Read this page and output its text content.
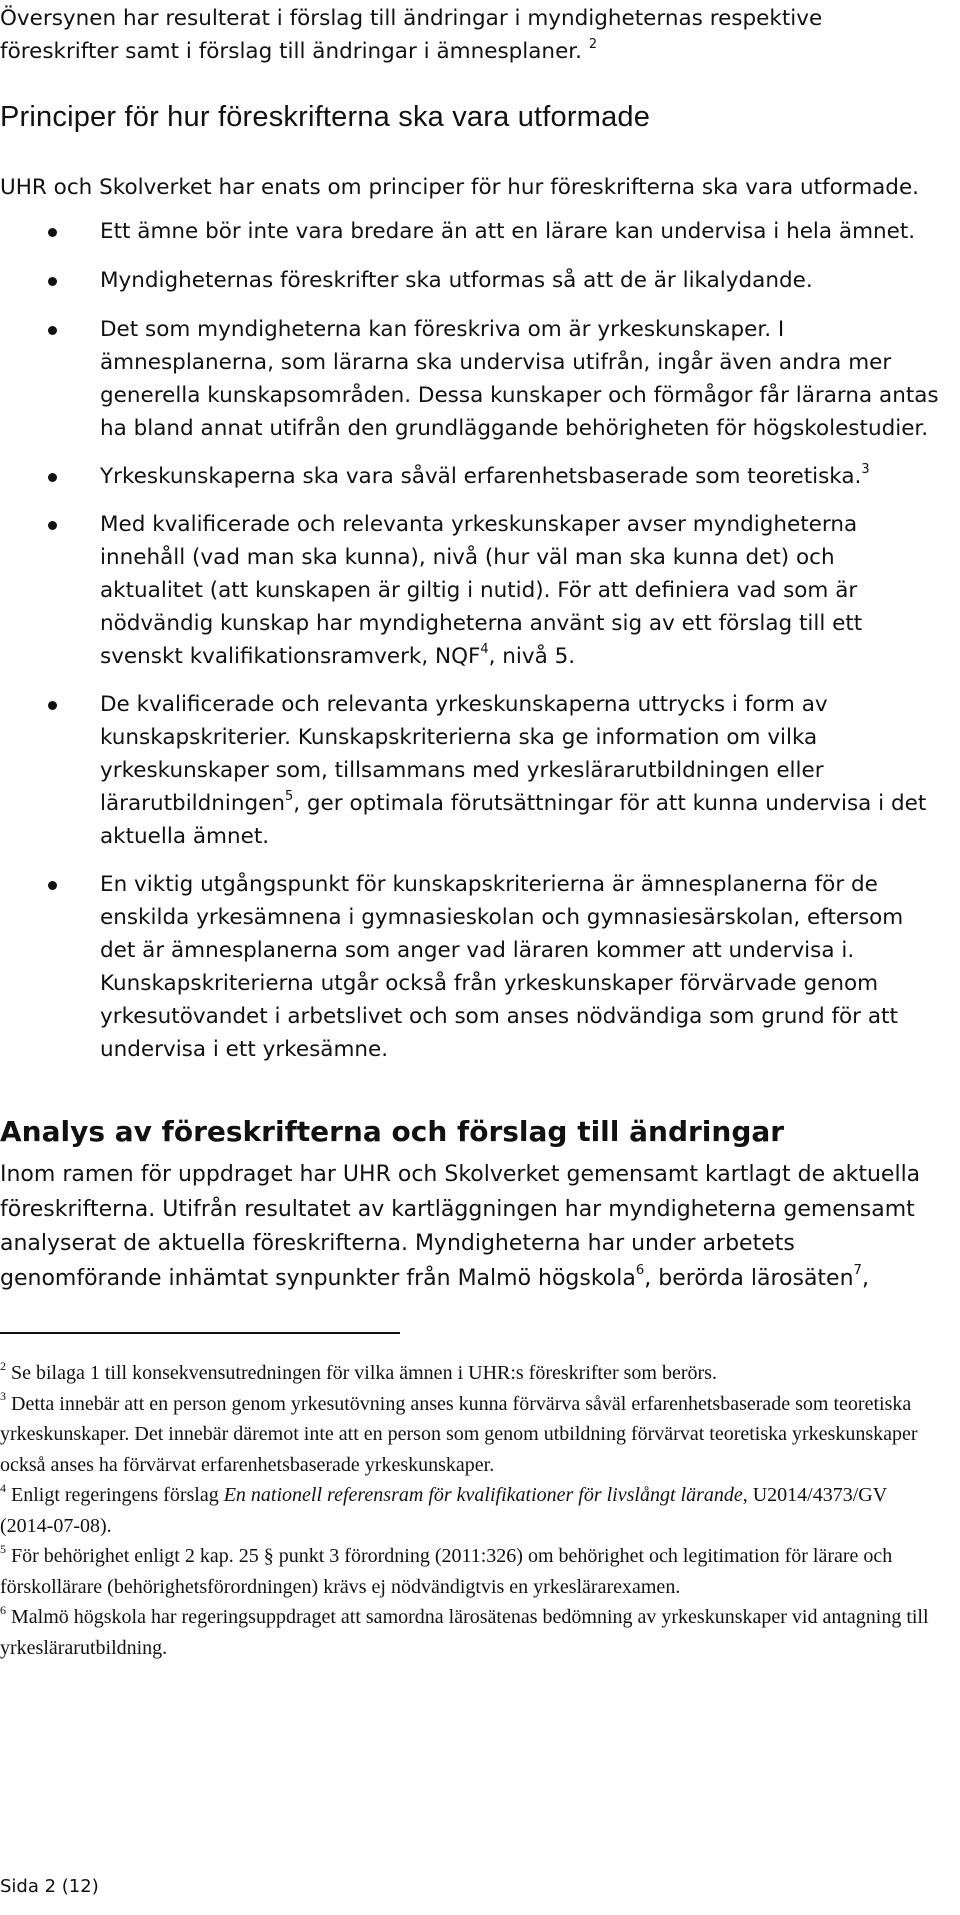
Översynen har resulterat i förslag till ändringar i myndigheternas respektive föreskrifter samt i förslag till ändringar i ämnesplaner. $^2$

Principer för hur föreskrifterna ska vara utformade

UHR och Skolverket har enats om principer för hur föreskrifterna ska vara utformade.

Ett ämne bör inte vara bredare än att en lärare kan undervisa i hela ämnet.
Myndigheternas föreskrifter ska utformas så att de är likalydande.
Det som myndigheterna kan föreskriva om är yrkeskunskaper. I ämnesplanerna, som lärarna ska undervisa utifrån, ingår även andra mer generella kunskapsområden. Dessa kunskaper och förmågor får lärarna antas ha bland annat utifrån den grundläggande behörigheten för högskolestudier.
Yrkeskunskaperna ska vara såväl erfarenhetsbaserade som teoretiska.$^3$
Med kvalificerade och relevanta yrkeskunskaper avser myndigheterna innehåll (vad man ska kunna), nivå (hur väl man ska kunna det) och aktualitet (att kunskapen är giltig i nutid). För att definiera vad som är nödvändig kunskap har myndigheterna använt sig av ett förslag till ett svenskt kvalifikationsramverk, NQF$^4$, nivå 5.
De kvalificerade och relevanta yrkeskunskaperna uttrycks i form av kunskapskriterier. Kunskapskriterierna ska ge information om vilka yrkeskunskaper som, tillsammans med yrkeslärarutbildningen eller lärarutbildningen$^5$, ger optimala förutsättningar för att kunna undervisa i det aktuella ämnet.
En viktig utgångspunkt för kunskapskriterierna är ämnesplanerna för de enskilda yrkesämnena i gymnasieskolan och gymnasiesärskolan, eftersom det är ämnesplanerna som anger vad läraren kommer att undervisa i. Kunskapskriterierna utgår också från yrkeskunskaper förvärvade genom yrkesutövandet i arbetslivet och som anses nödvändiga som grund för att undervisa i ett yrkesämne.
Analys av föreskrifterna och förslag till ändringar

Inom ramen för uppdraget har UHR och Skolverket gemensamt kartlagt de aktuella föreskrifterna. Utifrån resultatet av kartläggningen har myndigheterna gemensamt analyserat de aktuella föreskrifterna. Myndigheterna har under arbetets genomförande inhämtat synpunkter från Malmö högskola$^6$, berörda lärosäten$^7$,

$^2$ Se bilaga 1 till konsekvensutredningen för vilka ämnen i UHR:s föreskrifter som berörs.

$^3$ Detta innebär att en person genom yrkesutövning anses kunna förvärva såväl erfarenhetsbaserade som teoretiska yrkeskunskaper. Det innebär däremot inte att en person som genom utbildning förvärvat teoretiska yrkeskunskaper också anses ha förvärvat erfarenhetsbaserade yrkeskunskaper.

$^4$ Enligt regeringens förslag En nationell referensram för kvalifikationer för livslångt lärande, U2014/4373/GV (2014-07-08).

$^5$ För behörighet enligt 2 kap. 25 § punkt 3 förordning (2011:326) om behörighet och legitimation för lärare och förskollärare (behörighetsförordningen) krävs ej nödvändigtvis en yrkeslärarexamen.

$^6$ Malmö högskola har regeringsuppdraget att samordna lärosätenas bedömning av yrkeskunskaper vid antagning till yrkeslärarutbildning.

Sida 2 (12)
